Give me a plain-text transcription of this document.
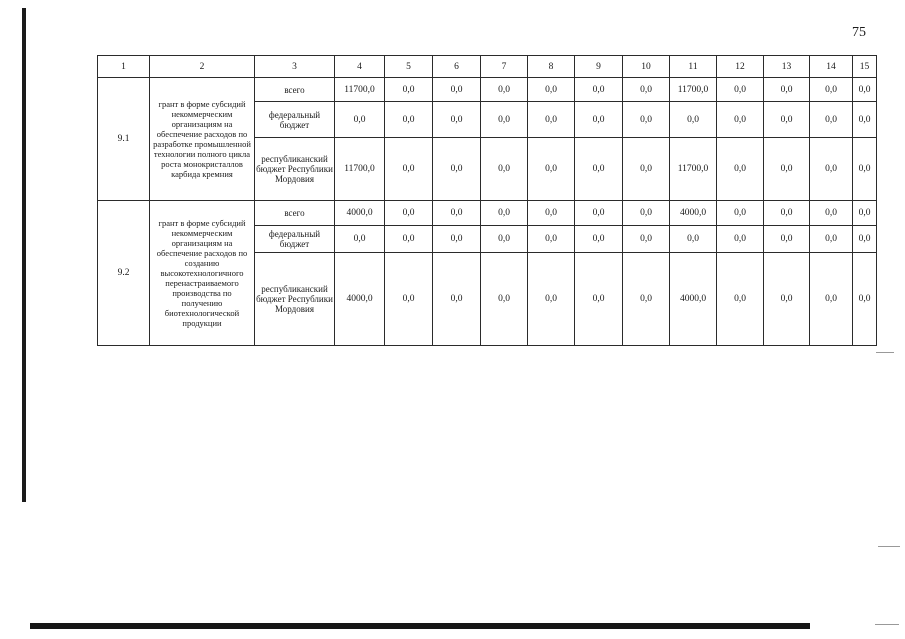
75
1	2	3	4	5	6	7	8	9	10	11	12	13	14	15
9.1	грант в форме субсидий некоммерческим организациям на обеспечение расходов по разработке промышленной технологии полного цикла роста монокристаллов карбида кремния	всего	11700,0	0,0	0,0	0,0	0,0	0,0	0,0	11700,0	0,0	0,0	0,0	0,0
		федеральный бюджет	0,0	0,0	0,0	0,0	0,0	0,0	0,0	0,0	0,0	0,0	0,0	0,0
		республиканский бюджет Республики Мордовия	11700,0	0,0	0,0	0,0	0,0	0,0	0,0	11700,0	0,0	0,0	0,0	0,0
9.2	грант в форме субсидий некоммерческим организациям на обеспечение расходов по созданию высокотехнологичного перенастраиваемого производства по получению биотехнологической продукции	всего	4000,0	0,0	0,0	0,0	0,0	0,0	0,0	4000,0	0,0	0,0	0,0	0,0
		федеральный бюджет	0,0	0,0	0,0	0,0	0,0	0,0	0,0	0,0	0,0	0,0	0,0	0,0
		республиканский бюджет Республики Мордовия	4000,0	0,0	0,0	0,0	0,0	0,0	0,0	4000,0	0,0	0,0	0,0	0,0
